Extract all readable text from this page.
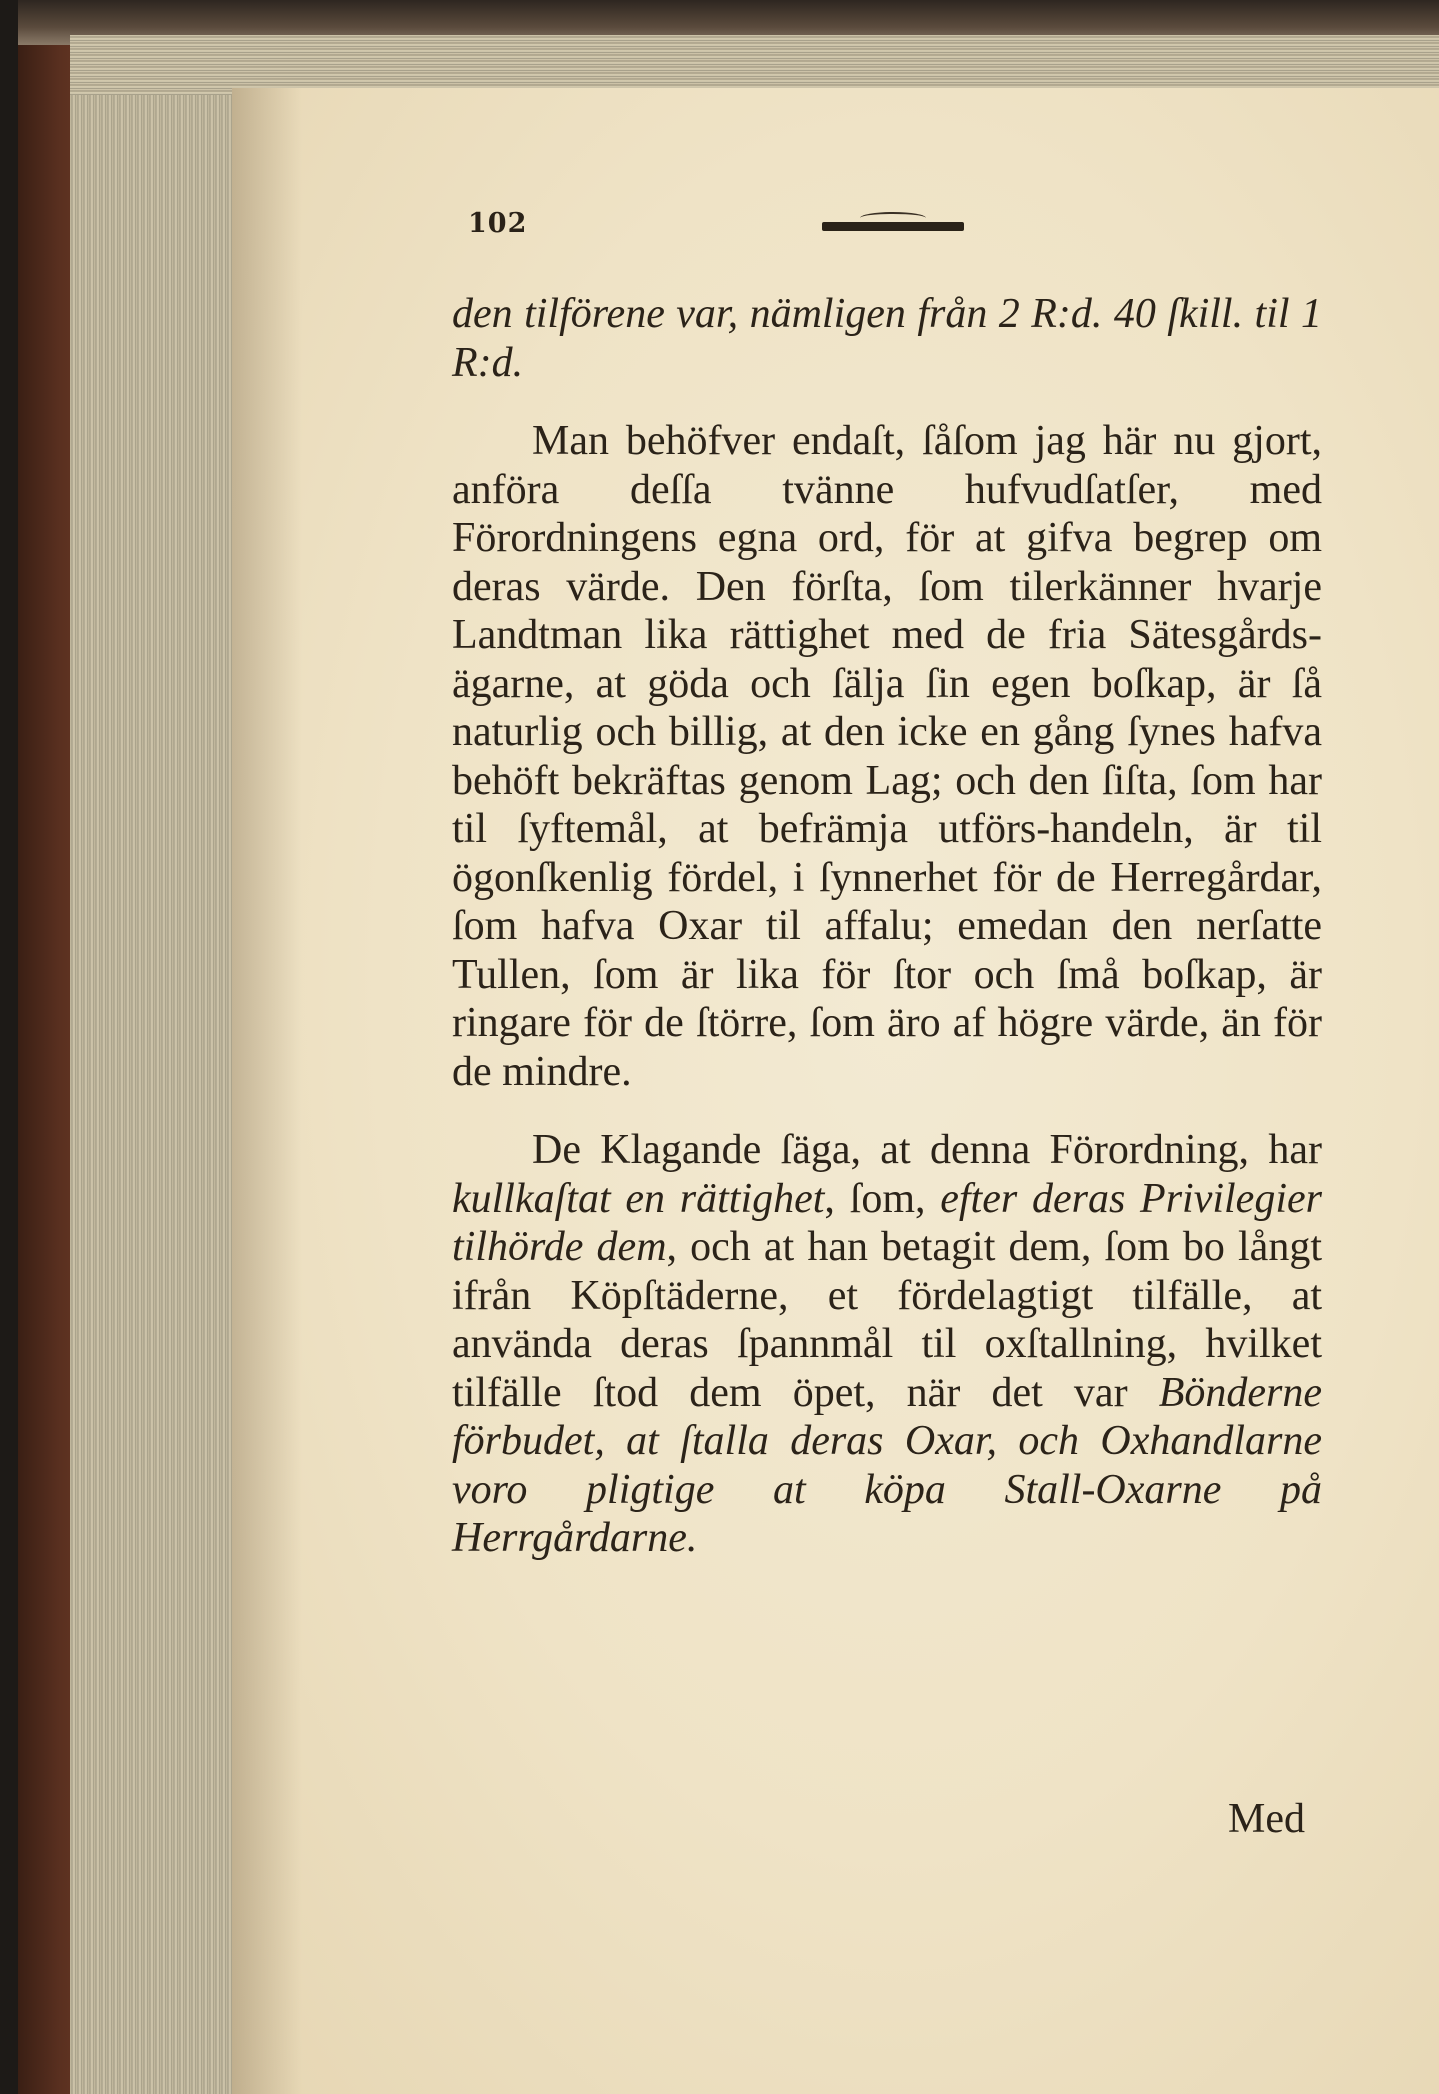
102

den tilförene var, nämligen från 2 R:d. 40 ſkill. til 1 R:d.

Man behöfver endaſt, ſåſom jag här nu gjort, anföra deſſa tvänne hufvudſatſer, med Förordningens egna ord, för at gifva begrep om deras värde. Den förſta, ſom tilerkänner hvarje Landtman lika rättighet med de fria Sätesgårds-ägarne, at göda och ſälja ſin egen boſkap, är ſå naturlig och billig, at den icke en gång ſynes hafva behöft bekräftas genom Lag; och den ſiſta, ſom har til ſyftemål, at befrämja utförs-handeln, är til ögonſkenlig fördel, i ſynnerhet för de Herregårdar, ſom hafva Oxar til affalu; emedan den nerſatte Tullen, ſom är lika för ſtor och ſmå boſkap, är ringare för de ſtörre, ſom äro af högre värde, än för de mindre.

De Klagande ſäga, at denna Förordning, har kullkaſtat en rättighet, ſom, efter deras Privilegier tilhörde dem, och at han betagit dem, ſom bo långt ifrån Köpſtäderne, et fördelagtigt tilfälle, at använda deras ſpannmål til oxſtallning, hvilket tilfälle ſtod dem öpet, när det var Bönderne förbudet, at ſtalla deras Oxar, och Oxhandlarne voro pligtige at köpa Stall-Oxarne på Herrgårdarne.

Med
